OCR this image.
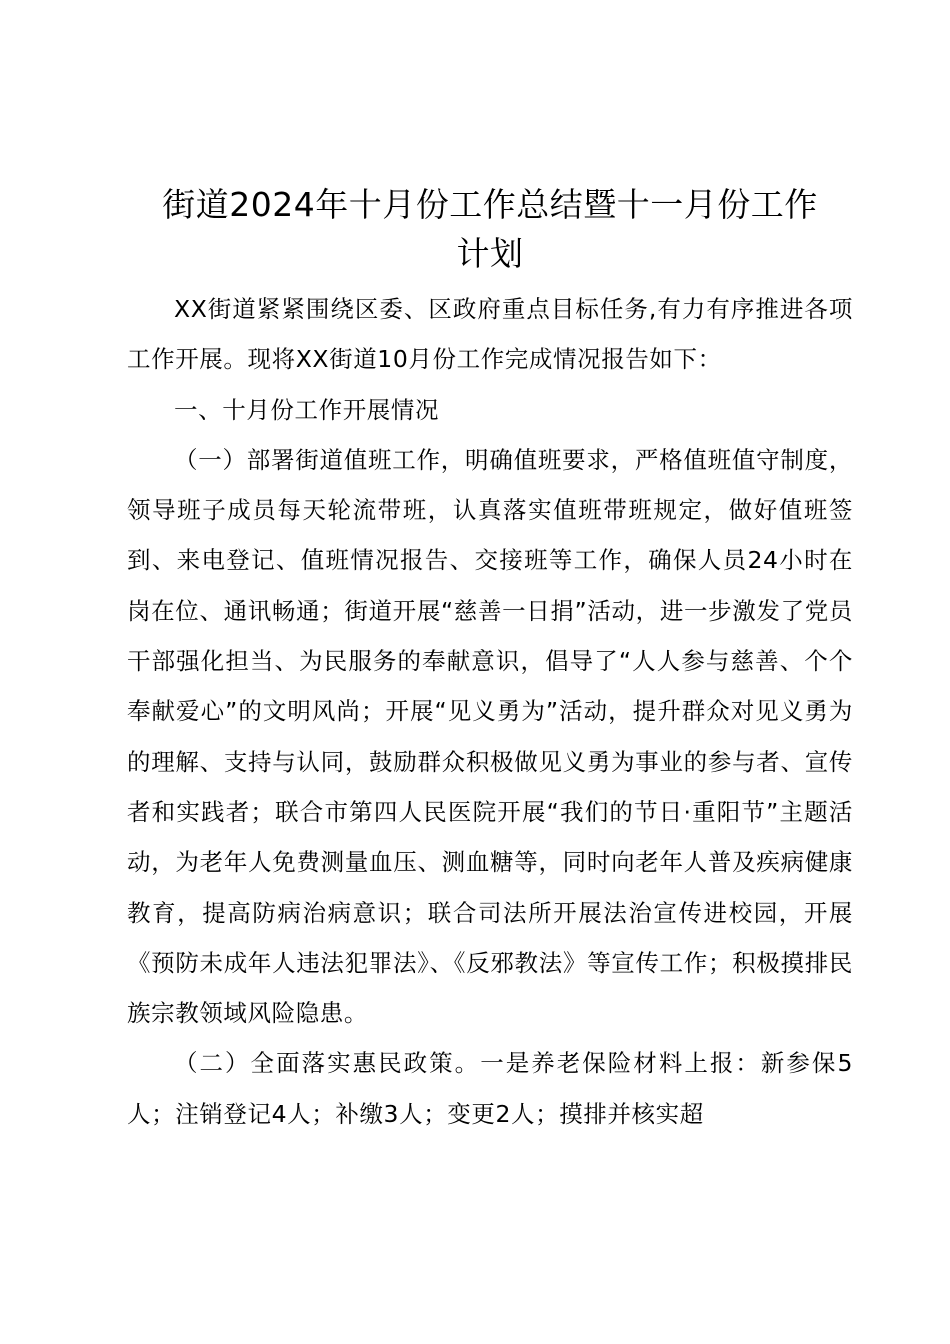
街道2024年十月份工作总结暨十一月份工作
计划

XX街道紧紧围绕区委、区政府重点目标任务,有力有序推进各项工作开展。现将XX街道10月份工作完成情况报告如下：

一、十月份工作开展情况

（一）部署街道值班工作，明确值班要求，严格值班值守制度，领导班子成员每天轮流带班，认真落实值班带班规定，做好值班签到、来电登记、值班情况报告、交接班等工作，确保人员24小时在岗在位、通讯畅通；街道开展“慈善一日捐”活动，进一步激发了党员干部强化担当、为民服务的奉献意识，倡导了“人人参与慈善、个个奉献爱心”的文明风尚；开展“见义勇为”活动，提升群众对见义勇为的理解、支持与认同，鼓励群众积极做见义勇为事业的参与者、宣传者和实践者；联合市第四人民医院开展“我们的节日·重阳节”主题活动，为老年人免费测量血压、测血糖等，同时向老年人普及疾病健康教育，提高防病治病意识；联合司法所开展法治宣传进校园，开展《预防未成年人违法犯罪法》、《反邪教法》等宣传工作；积极摸排民族宗教领域风险隐患。

（二）全面落实惠民政策。一是养老保险材料上报：新参保5人；注销登记4人；补缴3人；变更2人；摸排并核实超
